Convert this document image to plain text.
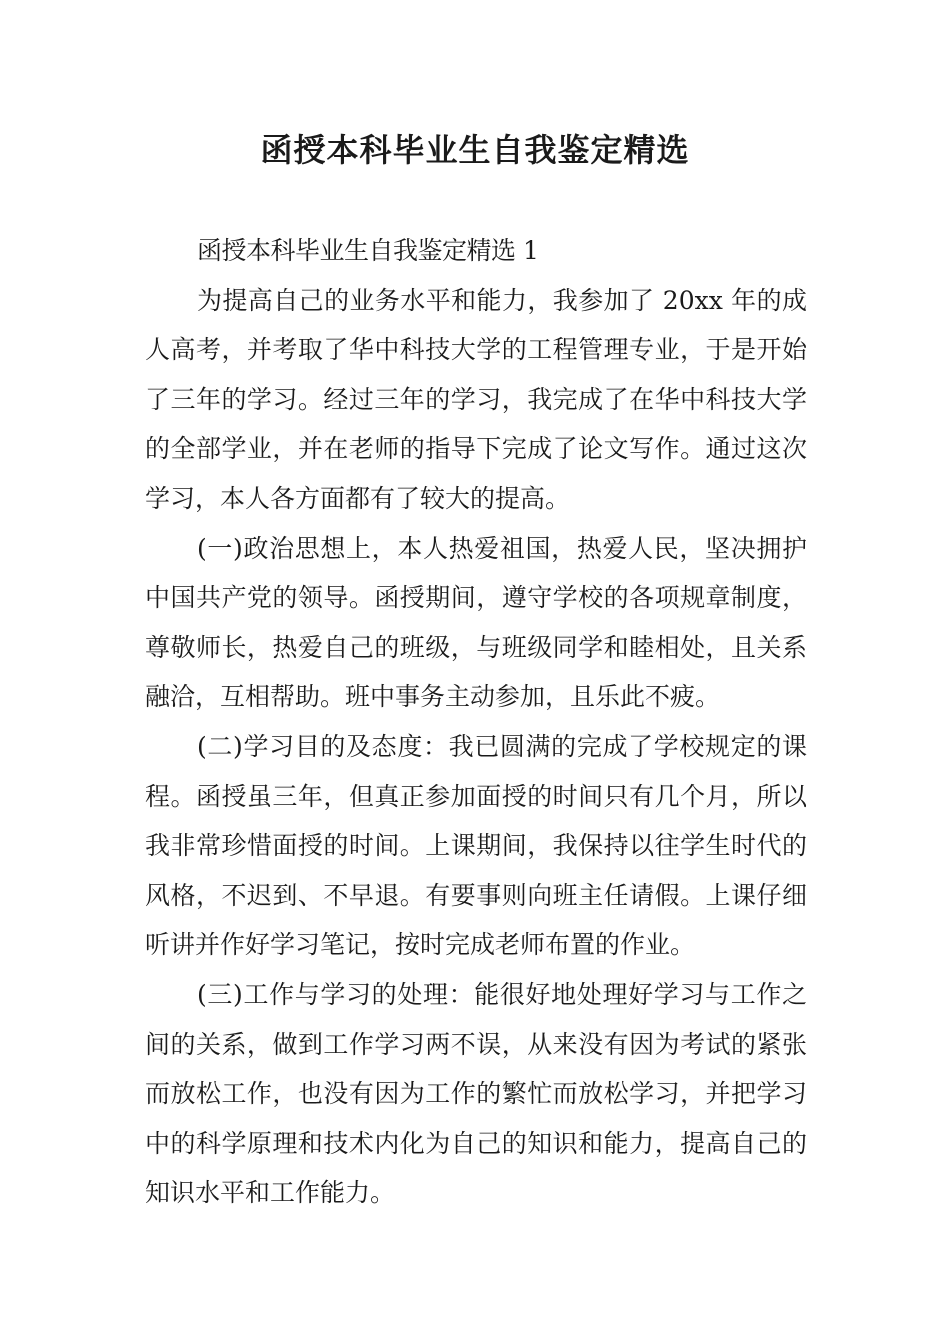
函授本科毕业生自我鉴定精选

函授本科毕业生自我鉴定精选 1

为提高自己的业务水平和能力，我参加了 20xx 年的成人高考，并考取了华中科技大学的工程管理专业，于是开始了三年的学习。经过三年的学习，我完成了在华中科技大学的全部学业，并在老师的指导下完成了论文写作。通过这次学习，本人各方面都有了较大的提高。

(一)政治思想上，本人热爱祖国，热爱人民，坚决拥护中国共产党的领导。函授期间，遵守学校的各项规章制度，尊敬师长，热爱自己的班级，与班级同学和睦相处，且关系融洽，互相帮助。班中事务主动参加，且乐此不疲。

(二)学习目的及态度：我已圆满的完成了学校规定的课程。函授虽三年，但真正参加面授的时间只有几个月，所以我非常珍惜面授的时间。上课期间，我保持以往学生时代的风格，不迟到、不早退。有要事则向班主任请假。上课仔细听讲并作好学习笔记，按时完成老师布置的作业。

(三)工作与学习的处理：能很好地处理好学习与工作之间的关系，做到工作学习两不误，从来没有因为考试的紧张而放松工作，也没有因为工作的繁忙而放松学习，并把学习中的科学原理和技术内化为自己的知识和能力，提高自己的知识水平和工作能力。
